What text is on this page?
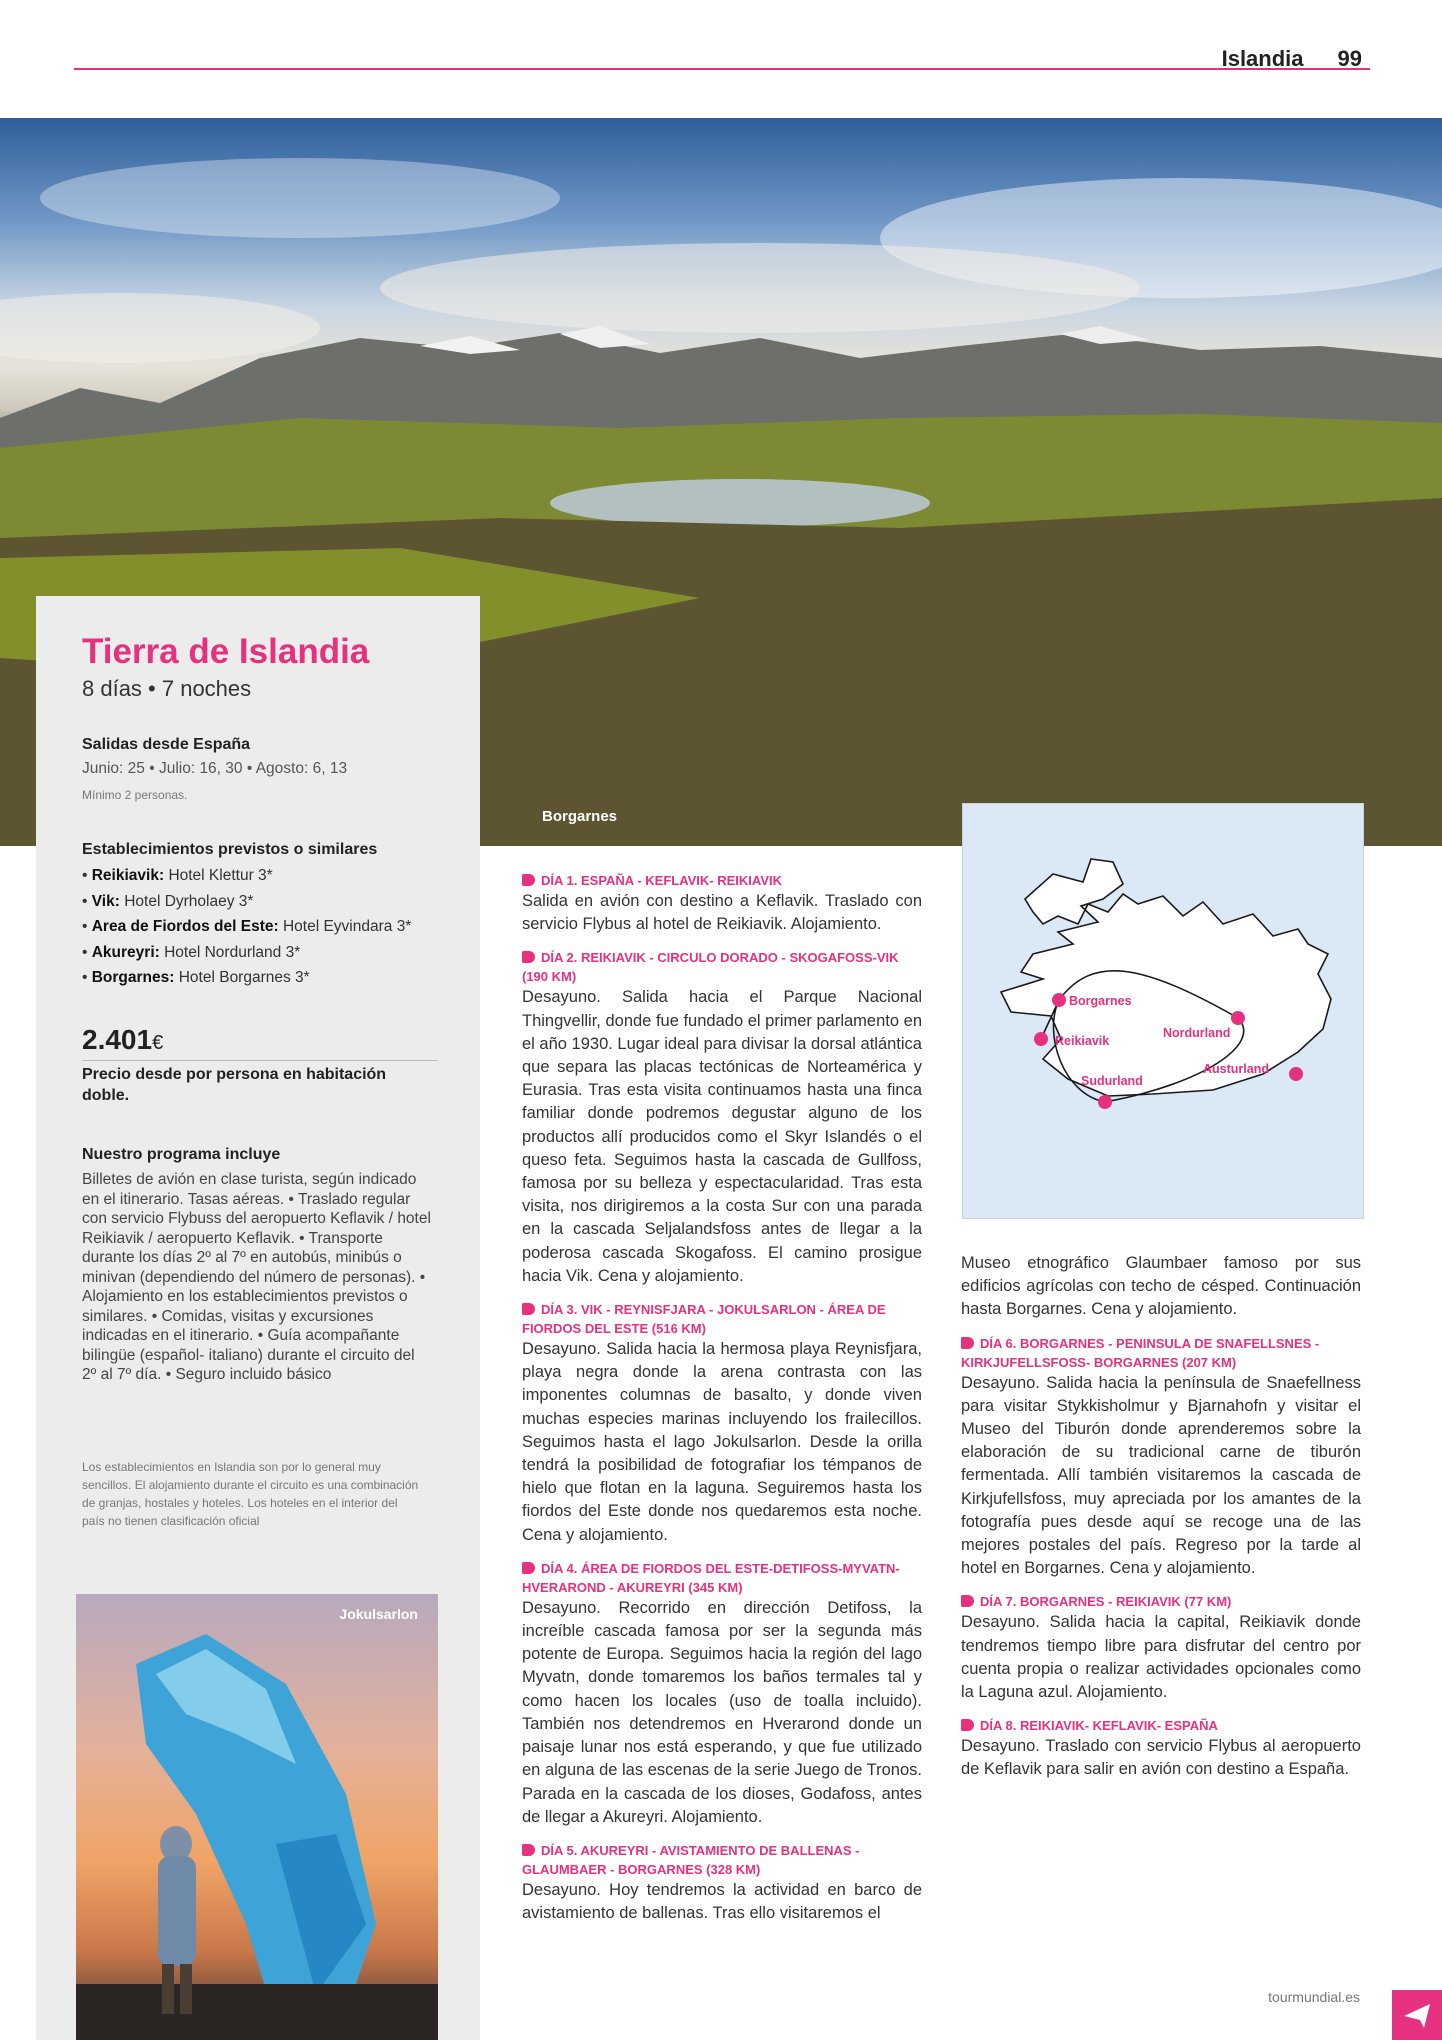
Islandia 99
Borgarnes
Tierra de Islandia
8 días • 7 noches
Salidas desde España
Junio: 25 • Julio: 16, 30 • Agosto: 6, 13
Mínimo 2 personas.
Establecimientos previstos o similares
• Reikiavik: Hotel Klettur 3*
• Vik: Hotel Dyrholaey 3*
• Area de Fiordos del Este: Hotel Eyvindara 3*
• Akureyri: Hotel Nordurland 3*
• Borgarnes: Hotel Borgarnes 3*
2.401€
Precio desde por persona en habitación doble.
Nuestro programa incluye
Billetes de avión en clase turista, según indicado en el itinerario. Tasas aéreas. • Traslado regular con servicio Flybuss del aeropuerto Keflavik / hotel Reikiavik / aeropuerto Keflavik. • Transporte durante los días 2º al 7º en autobús, minibús o minivan (dependiendo del número de personas). • Alojamiento en los establecimientos previstos o similares. • Comidas, visitas y excursiones indicadas en el itinerario. • Guía acompañante bilingüe (español- italiano) durante el circuito del 2º al 7º día. • Seguro incluido básico
Los establecimientos en Islandia son por lo general muy sencillos. El alojamiento durante el circuito es una combinación de granjas, hostales y hoteles. Los hoteles en el interior del país no tienen clasificación oficial
Jokulsarlon
DÍA 1. ESPAÑA - KEFLAVIK- REIKIAVIK
Salida en avión con destino a Keflavik. Traslado con servicio Flybus al hotel de Reikiavik. Alojamiento.
DÍA 2. REIKIAVIK - CIRCULO DORADO - SKOGAFOSS-VIK (190 KM)
Desayuno. Salida hacia el Parque Nacional Thingvellir, donde fue fundado el primer parlamento en el año 1930. Lugar ideal para divisar la dorsal atlántica que separa las placas tectónicas de Norteamérica y Eurasia. Tras esta visita continuamos hasta una finca familiar donde podremos degustar alguno de los productos allí producidos como el Skyr Islandés o el queso feta. Seguimos hasta la cascada de Gullfoss, famosa por su belleza y espectacularidad. Tras esta visita, nos dirigiremos a la costa Sur con una parada en la cascada Seljalandsfoss antes de llegar a la poderosa cascada Skogafoss. El camino prosigue hacia Vik. Cena y alojamiento.
DÍA 3. VIK - REYNISFJARA - JOKULSARLON - ÁREA DE FIORDOS DEL ESTE (516 KM)
Desayuno. Salida hacia la hermosa playa Reynisfjara, playa negra donde la arena contrasta con las imponentes columnas de basalto, y donde viven muchas especies marinas incluyendo los frailecillos. Seguimos hasta el lago Jokulsarlon. Desde la orilla tendrá la posibilidad de fotografiar los témpanos de hielo que flotan en la laguna. Seguiremos hasta los fiordos del Este donde nos quedaremos esta noche. Cena y alojamiento.
DÍA 4. ÁREA DE FIORDOS DEL ESTE-DETIFOSS-MYVATN- HVERAROND - AKUREYRI (345 KM)
Desayuno. Recorrido en dirección Detifoss, la increíble cascada famosa por ser la segunda más potente de Europa. Seguimos hacia la región del lago Myvatn, donde tomaremos los baños termales tal y como hacen los locales (uso de toalla incluido). También nos detendremos en Hverarond donde un paisaje lunar nos está esperando, y que fue utilizado en alguna de las escenas de la serie Juego de Tronos. Parada en la cascada de los dioses, Godafoss, antes de llegar a Akureyri. Alojamiento.
DÍA 5. AKUREYRI - AVISTAMIENTO DE BALLENAS - GLAUMBAER - BORGARNES (328 KM)
Desayuno. Hoy tendremos la actividad en barco de avistamiento de ballenas. Tras ello visitaremos el
Borgarnes
Reikiavik
Nordurland
Austurland
Sudurland
Museo etnográfico Glaumbaer famoso por sus edificios agrícolas con techo de césped. Continuación hasta Borgarnes. Cena y alojamiento.
DÍA 6. BORGARNES - PENINSULA DE SNAFELLSNES - KIRKJUFELLSFOSS- BORGARNES (207 KM)
Desayuno. Salida hacia la península de Snaefellness para visitar Stykkisholmur y Bjarnahofn y visitar el Museo del Tiburón donde aprenderemos sobre la elaboración de su tradicional carne de tiburón fermentada. Allí también visitaremos la cascada de Kirkjufellsfoss, muy apreciada por los amantes de la fotografía pues desde aquí se recoge una de las mejores postales del país. Regreso por la tarde al hotel en Borgarnes. Cena y alojamiento.
DÍA 7. BORGARNES - REIKIAVIK (77 KM)
Desayuno. Salida hacia la capital, Reikiavik donde tendremos tiempo libre para disfrutar del centro por cuenta propia o realizar actividades opcionales como la Laguna azul. Alojamiento.
DÍA 8. REIKIAVIK- KEFLAVIK- ESPAÑA
Desayuno. Traslado con servicio Flybus al aeropuerto de Keflavik para salir en avión con destino a España.
tourmundial.es
